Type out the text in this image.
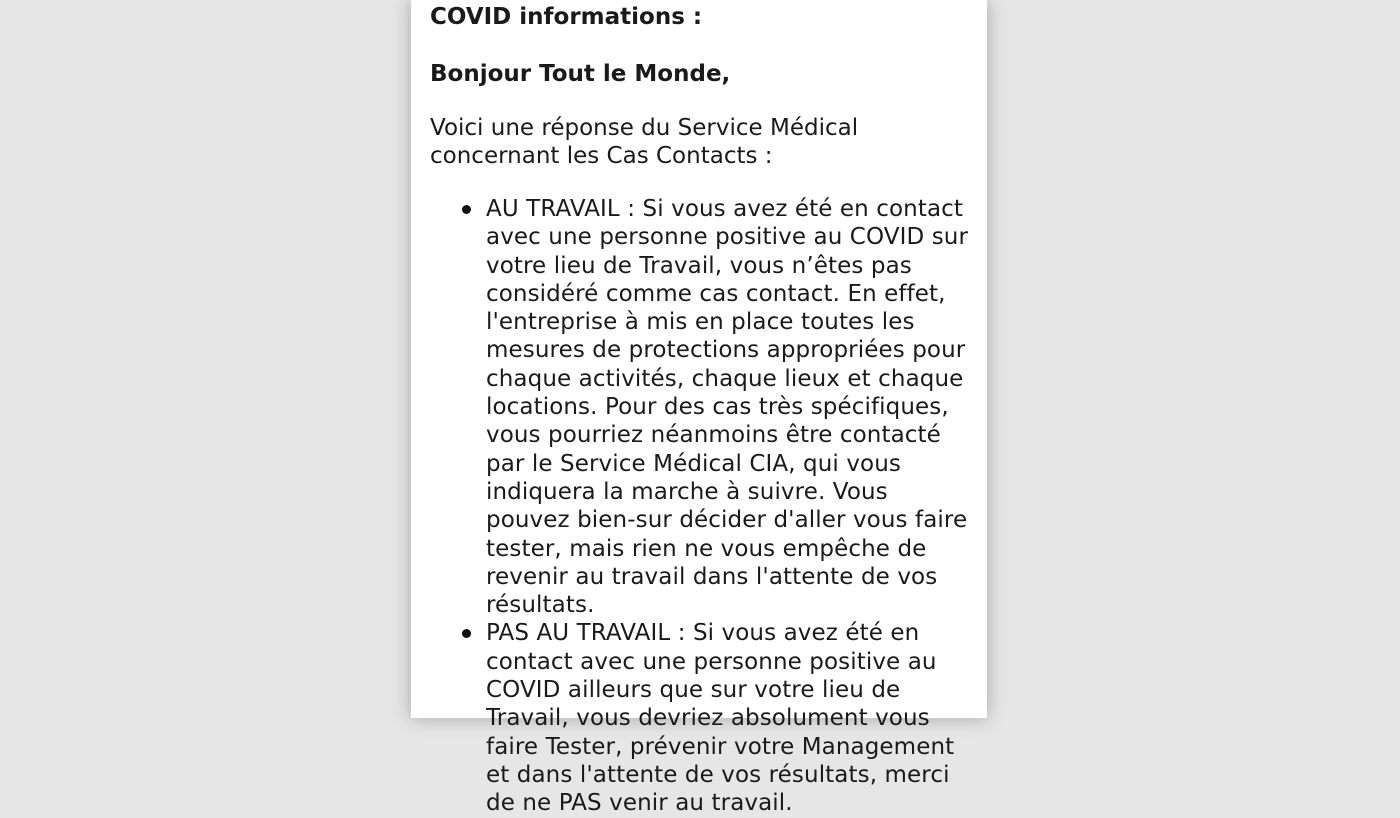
COVID informations :

Bonjour Tout le Monde,

Voici une réponse du Service Médical concernant les Cas Contacts :

AU TRAVAIL : Si vous avez été en contact avec une personne positive au COVID sur votre lieu de Travail, vous n’êtes pas considéré comme cas contact. En effet, l'entreprise à mis en place toutes les mesures de protections appropriées pour chaque activités, chaque lieux et chaque locations. Pour des cas très spécifiques, vous pourriez néanmoins être contacté par le Service Médical CIA, qui vous indiquera la marche à suivre. Vous pouvez bien-sur décider d'aller vous faire tester, mais rien ne vous empêche de revenir au travail dans l'attente de vos résultats.
PAS AU TRAVAIL : Si vous avez été en contact avec une personne positive au COVID ailleurs que sur votre lieu de Travail, vous devriez absolument vous faire Tester, prévenir votre Management et dans l'attente de vos résultats, merci de ne PAS venir au travail.
